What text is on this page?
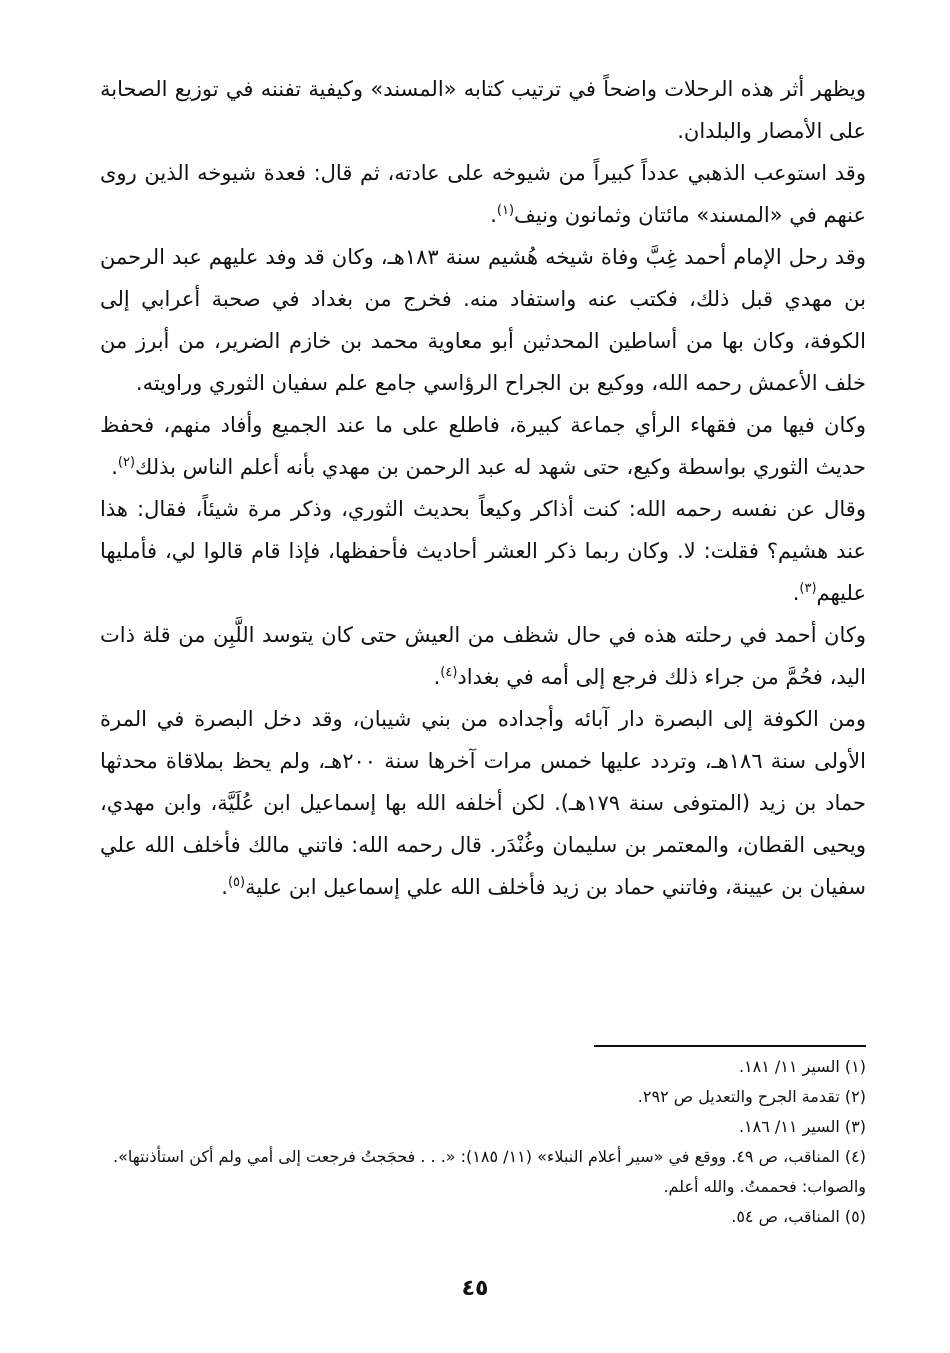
ويظهر أثر هذه الرحلات واضحاً في ترتيب كتابه «المسند» وكيفية تفننه في توزيع الصحابة على الأمصار والبلدان.

وقد استوعب الذهبي عدداً كبيراً من شيوخه على عادته، ثم قال: فعدة شيوخه الذين روى عنهم في «المسند» مائتان وثمانون ونيف$^{(١)}$.

وقد رحل الإمام أحمد غِبَّ وفاة شيخه هُشيم سنة ١٨٣هـ، وكان قد وفد عليهم عبد الرحمن بن مهدي قبل ذلك، فكتب عنه واستفاد منه. فخرج من بغداد في صحبة أعرابي إلى الكوفة، وكان بها من أساطين المحدثين أبو معاوية محمد بن خازم الضرير، من أبرز من خلف الأعمش رحمه الله، ووكيع بن الجراح الرؤاسي جامع علم سفيان الثوري وراويته.

وكان فيها من فقهاء الرأي جماعة كبيرة، فاطلع على ما عند الجميع وأفاد منهم، فحفظ حديث الثوري بواسطة وكيع، حتى شهد له عبد الرحمن بن مهدي بأنه أعلم الناس بذلك$^{(٢)}$.

وقال عن نفسه رحمه الله: كنت أذاكر وكيعاً بحديث الثوري، وذكر مرة شيئاً، فقال: هذا عند هشيم؟ فقلت: لا. وكان ربما ذكر العشر أحاديث فأحفظها، فإذا قام قالوا لي، فأمليها عليهم$^{(٣)}$.

وكان أحمد في رحلته هذه في حال شظف من العيش حتى كان يتوسد اللَّبِن من قلة ذات اليد، فحُمَّ من جراء ذلك فرجع إلى أمه في بغداد$^{(٤)}$.

ومن الكوفة إلى البصرة دار آبائه وأجداده من بني شيبان، وقد دخل البصرة في المرة الأولى سنة ١٨٦هـ، وتردد عليها خمس مرات آخرها سنة ٢٠٠هـ، ولم يحظ بملاقاة محدثها حماد بن زيد (المتوفى سنة ١٧٩هـ). لكن أخلفه الله بها إسماعيل ابن عُلَيَّة، وابن مهدي، ويحيى القطان، والمعتمر بن سليمان وغُنْدَر. قال رحمه الله: فاتني مالك فأخلف الله علي سفيان بن عيينة، وفاتني حماد بن زيد فأخلف الله علي إسماعيل ابن علية$^{(٥)}$.

(١) السير ١١/ ١٨١.

(٢) تقدمة الجرح والتعديل ص ٢٩٢.

(٣) السير ١١/ ١٨٦.

(٤) المناقب، ص ٤٩. ووقع في «سير أعلام النبلاء» (١١/ ١٨٥): «. . . فحجَجتُ فرجعت إلى أمي ولم أكن استأذنتها». والصواب: فحممتُ. والله أعلم.

(٥) المناقب، ص ٥٤.

٤٥
